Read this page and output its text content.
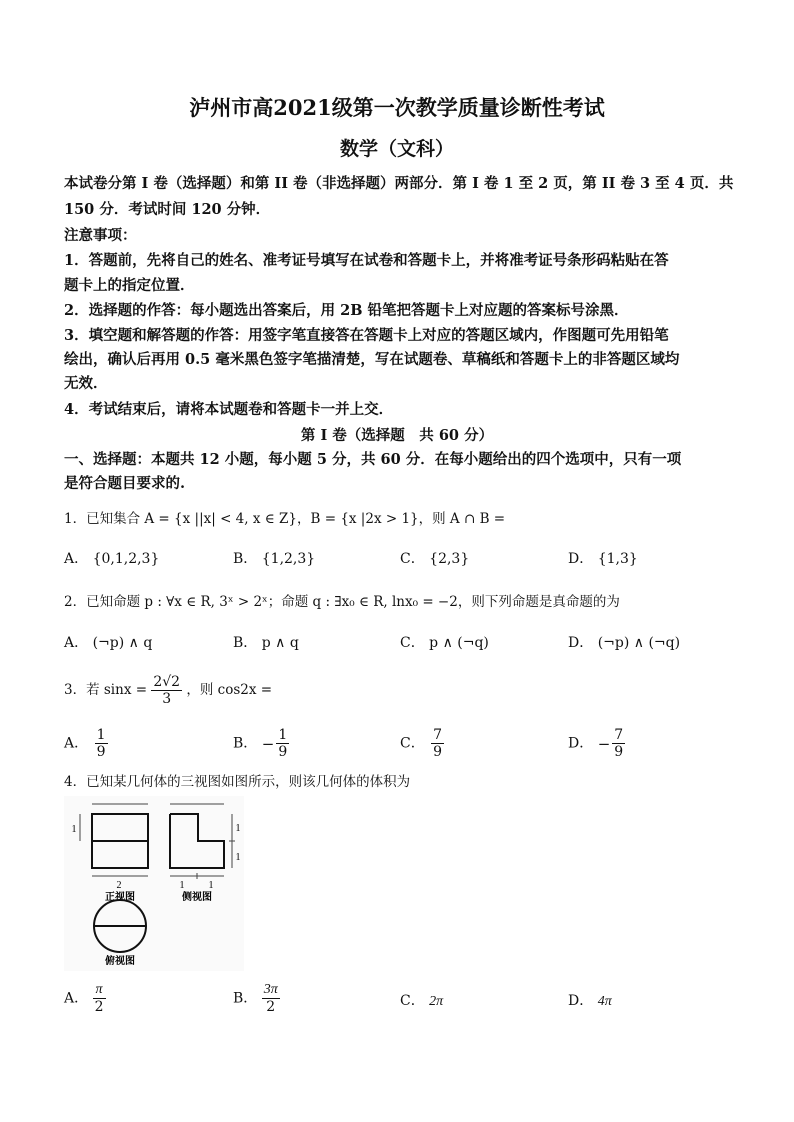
泸州市高2021级第一次教学质量诊断性考试
数学（文科）
本试卷分第 I 卷（选择题）和第 II 卷（非选择题）两部分．第 I 卷 1 至 2 页，第 II 卷 3 至 4 页．共
150 分．考试时间 120 分钟．
注意事项：
1．答题前，先将自己的姓名、准考证号填写在试卷和答题卡上，并将准考证号条形码粘贴在答
题卡上的指定位置．
2．选择题的作答：每小题选出答案后，用 2B 铅笔把答题卡上对应题的答案标号涂黑．
3．填空题和解答题的作答：用签字笔直接答在答题卡上对应的答题区域内，作图题可先用铅笔
绘出，确认后再用 0.5 毫米黑色签字笔描清楚，写在试题卷、草稿纸和答题卡上的非答题区域均
无效．
4．考试结束后，请将本试题卷和答题卡一并上交．
第 I 卷（选择题　共 60 分）
一、选择题：本题共 12 小题，每小题 5 分，共 60 分．在每小题给出的四个选项中，只有一项
是符合题目要求的.
1．已知集合 A = {x ||x| < 4, x ∈ Z}，B = {x |2x > 1}，则 A ∩ B =
A． {0,1,2,3}	B． {1,2,3}	C． {2,3}	D． {1,3}
2．已知命题 p : ∀x ∈ R, 3ˣ > 2ˣ；命题 q : ∃x₀ ∈ R, lnx₀ = −2，则下列命题是真命题的为
A． (¬p) ∧ q	B． p ∧ q	C． p ∧ (¬q)	D． (¬p) ∧ (¬q)
3．若 $\sin x = \frac{2√2}{3}$ ，则 cos2x =
A． $\frac{1}{9}$	B． − $\frac{1}{9}$	C． $\frac{7}{9}$	D． − $\frac{7}{9}$
4．已知某几何体的三视图如图所示，则该几何体的体积为
2	1 1
1
1
1
正视图	侧视图
俯视图
A． $\frac{\pi}{2}$	B． $\frac{3\pi}{2}$	C． 2π	D． 4π
